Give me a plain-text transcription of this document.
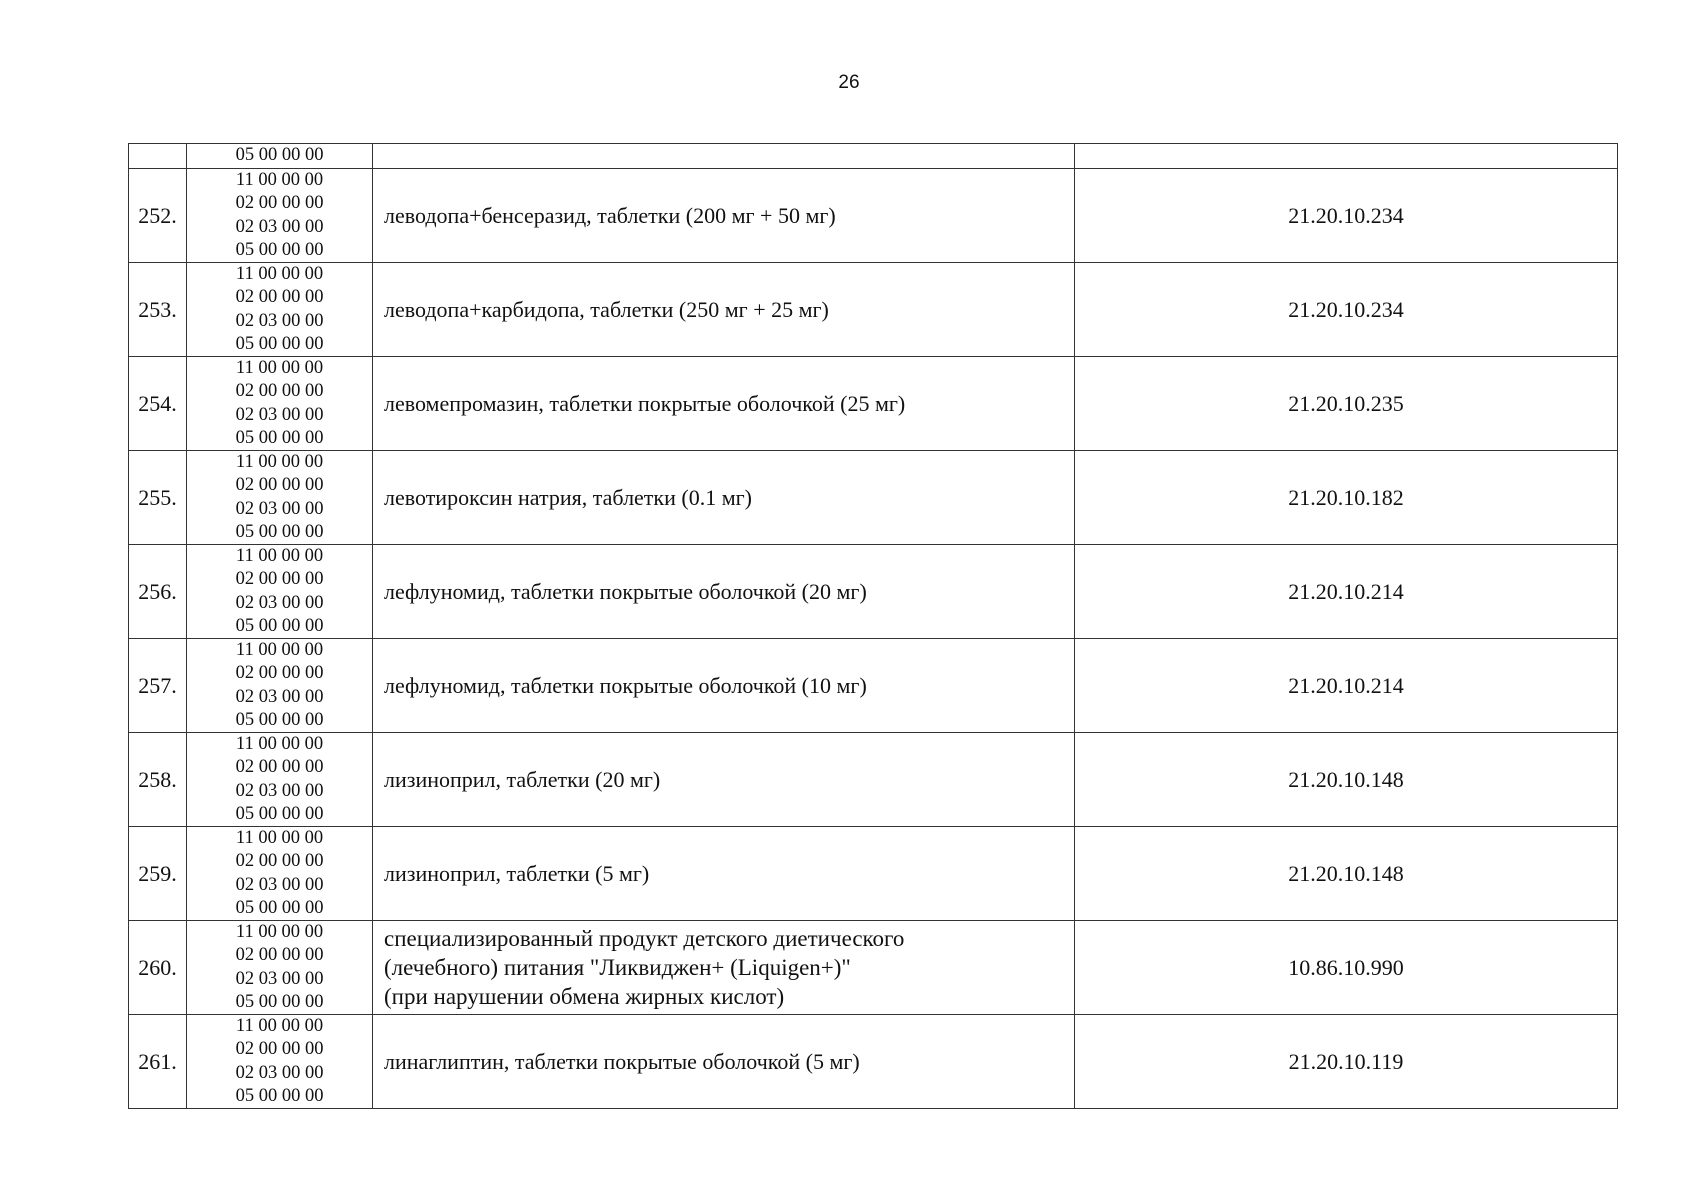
26

	05 00 00 00		

252.	11 00 00 00
02 00 00 00
02 03 00 00
05 00 00 00	леводопа+бенсеразид, таблетки (200 мг + 50 мг)	21.20.10.234
253.	11 00 00 00
02 00 00 00
02 03 00 00
05 00 00 00	леводопа+карбидопа, таблетки (250 мг + 25 мг)	21.20.10.234
254.	11 00 00 00
02 00 00 00
02 03 00 00
05 00 00 00	левомепромазин, таблетки покрытые оболочкой (25 мг)	21.20.10.235
255.	11 00 00 00
02 00 00 00
02 03 00 00
05 00 00 00	левотироксин натрия, таблетки (0.1 мг)	21.20.10.182
256.	11 00 00 00
02 00 00 00
02 03 00 00
05 00 00 00	лефлуномид, таблетки покрытые оболочкой (20 мг)	21.20.10.214
257.	11 00 00 00
02 00 00 00
02 03 00 00
05 00 00 00	лефлуномид, таблетки покрытые оболочкой (10 мг)	21.20.10.214
258.	11 00 00 00
02 00 00 00
02 03 00 00
05 00 00 00	лизиноприл, таблетки (20 мг)	21.20.10.148
259.	11 00 00 00
02 00 00 00
02 03 00 00
05 00 00 00	лизиноприл, таблетки (5 мг)	21.20.10.148
260.	11 00 00 00
02 00 00 00
02 03 00 00
05 00 00 00	специализированный продукт детского диетического
(лечебного) питания "Ликвиджен+ (Liquigen+)"
(при нарушении обмена жирных кислот)	10.86.10.990
261.	11 00 00 00
02 00 00 00
02 03 00 00
05 00 00 00	линаглиптин, таблетки покрытые оболочкой (5 мг)	21.20.10.119
